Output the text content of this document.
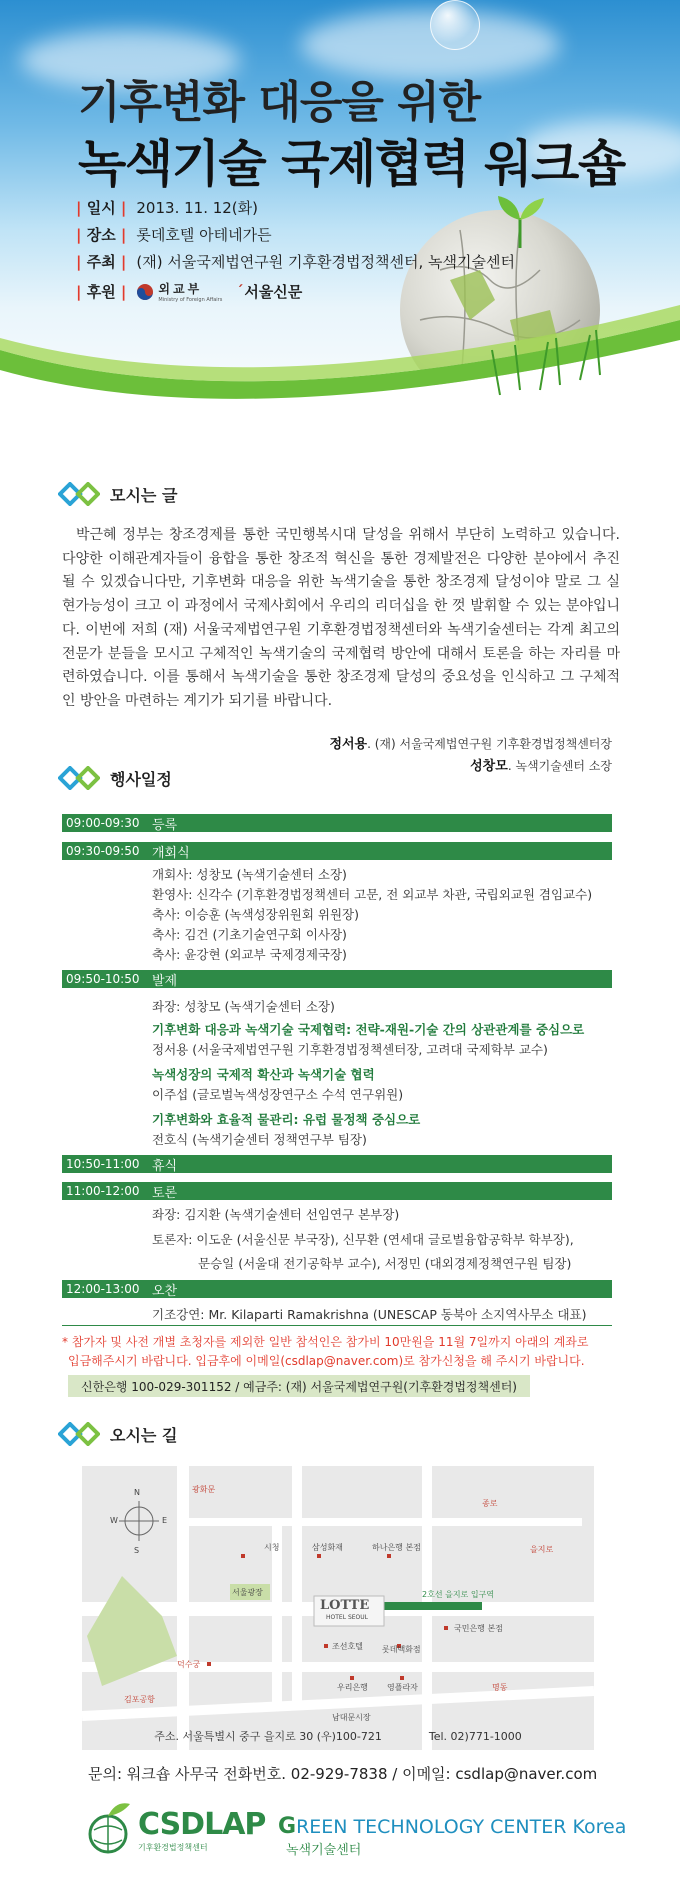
기후변화 대응을 위한
녹색기술 국제협력 워크숍
| 일시 | 2013. 11. 12(화)
| 장소 | 롯데호텔 아테네가든
| 주최 | (재) 서울국제법연구원 기후환경법정책센터, 녹색기술센터
| 후원 |	외교부
Ministry of Foreign Affairs
ˊ 서울신문
모시는 글
박근혜 정부는 창조경제를 통한 국민행복시대 달성을 위해서 부단히 노력하고 있습니다. 다양한 이해관계자들이 융합을 통한 창조적 혁신을 통한 경제발전은 다양한 분야에서 추진될 수 있겠습니다만, 기후변화 대응을 위한 녹색기술을 통한 창조경제 달성이야 말로 그 실현가능성이 크고 이 과정에서 국제사회에서 우리의 리더십을 한 껏 발휘할 수 있는 분야입니다. 이번에 저희 (재) 서울국제법연구원 기후환경법정책센터와 녹색기술센터는 각계 최고의 전문가 분들을 모시고 구체적인 녹색기술의 국제협력 방안에 대해서 토론을 하는 자리를 마련하였습니다. 이를 통해서 녹색기술을 통한 창조경제 달성의 중요성을 인식하고 그 구체적인 방안을 마련하는 계기가 되기를 바랍니다.
정서용. (재) 서울국제법연구원 기후환경법정책센터장
성창모. 녹색기술센터 소장
행사일정
09:00-09:30 등록
09:30-09:50 개회식
개회사: 성창모 (녹색기술센터 소장)
환영사: 신각수 (기후환경법정책센터 고문, 전 외교부 차관, 국립외교원 겸임교수)
축사: 이승훈 (녹색성장위원회 위원장)
축사: 김건 (기초기술연구회 이사장)
축사: 윤강현 (외교부 국제경제국장)
09:50-10:50 발제
좌장: 성창모 (녹색기술센터 소장)
기후변화 대응과 녹색기술 국제협력: 전략-재원-기술 간의 상관관계를 중심으로
정서용 (서울국제법연구원 기후환경법정책센터장, 고려대 국제학부 교수)
녹색성장의 국제적 확산과 녹색기술 협력
이주섭 (글로벌녹색성장연구소 수석 연구위원)
기후변화와 효율적 물관리: 유럽 물정책 중심으로
전호식 (녹색기술센터 정책연구부 팀장)
10:50-11:00 휴식
11:00-12:00 토론
좌장: 김지환 (녹색기술센터 선임연구 본부장)
토론자: 이도운 (서울신문 부국장), 신무환 (연세대 글로벌융합공학부 학부장),
문승일 (서울대 전기공학부 교수), 서정민 (대외경제정책연구원 팀장)
12:00-13:00 오찬
기조강연: Mr. Kilaparti Ramakrishna (UNESCAP 동북아 소지역사무소 대표)
* 참가자 및 사전 개별 초청자를 제외한 일반 참석인은 참가비 10만원을 11월 7일까지 아래의 계좌로
입금해주시기 바랍니다. 입금후에 이메일(csdlap@naver.com)로 참가신청을 해 주시기 바랍니다.
신한은행 100-029-301152 / 예금주: (재) 서울국제법연구원(기후환경법정책센터)
오시는 길
N
S
W	E
광화문
종로
시청	삼성화재	하나은행 본점	을지로
서울광장
LOTTE
HOTEL SEOUL
2호선 을지로 입구역
국민은행 본점
덕수궁
조선호텔 롯데백화점
김포공항
우리은행 영플라자	명동
남대문시장
주소. 서울특별시 중구 을지로 30 (우)100-721	Tel. 02)771-1000
문의: 워크숍 사무국 전화번호. 02-929-7838 / 이메일: csdlap@naver.com
CSDLAP
기후환경법정책센터
GREEN TECHNOLOGY CENTER Korea
녹색기술센터
